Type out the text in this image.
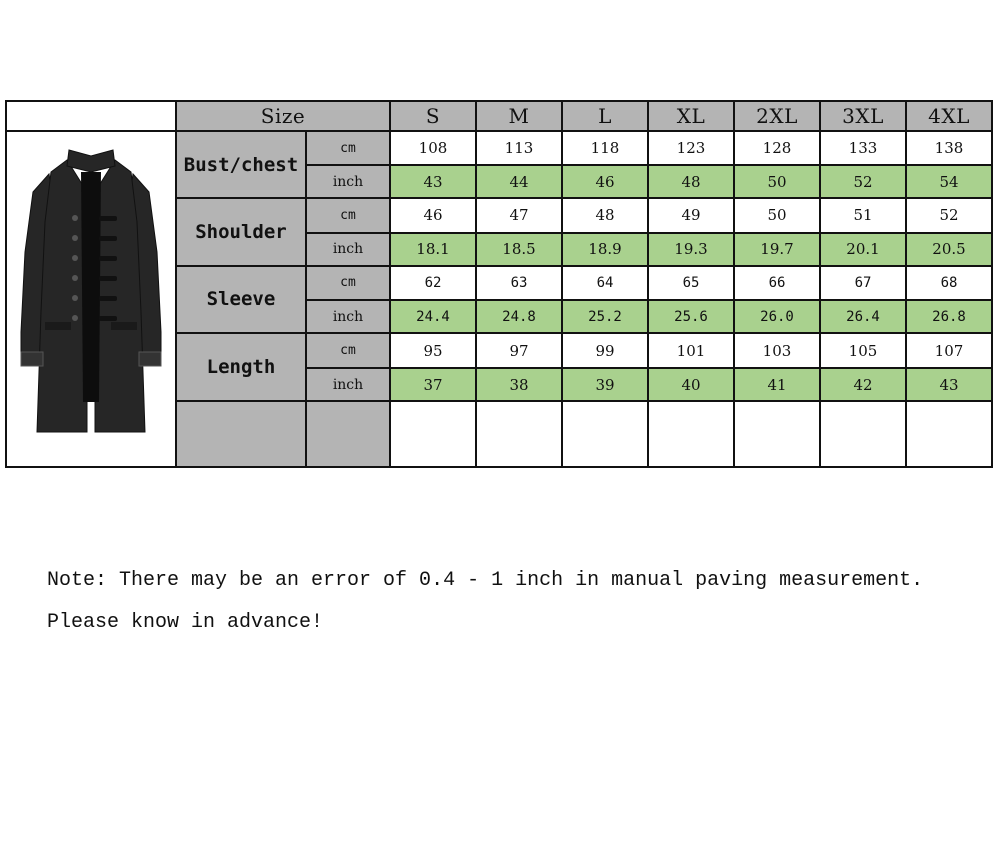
	Size		S	M	L	XL	2XL	3XL	4XL
	Bust/chest	cm	108	113	118	123	128	133	138
		inch	43	44	46	48	50	52	54
	Shoulder	cm	46	47	48	49	50	51	52
		inch	18.1	18.5	18.9	19.3	19.7	20.1	20.5
	Sleeve	cm	62	63	64	65	66	67	68
		inch	24.4	24.8	25.2	25.6	26.0	26.4	26.8
	Length	cm	95	97	99	101	103	105	107
		inch	37	38	39	40	41	42	43

Note: There may be an error of 0.4 - 1 inch in manual paving measurement.

Please know in advance!
